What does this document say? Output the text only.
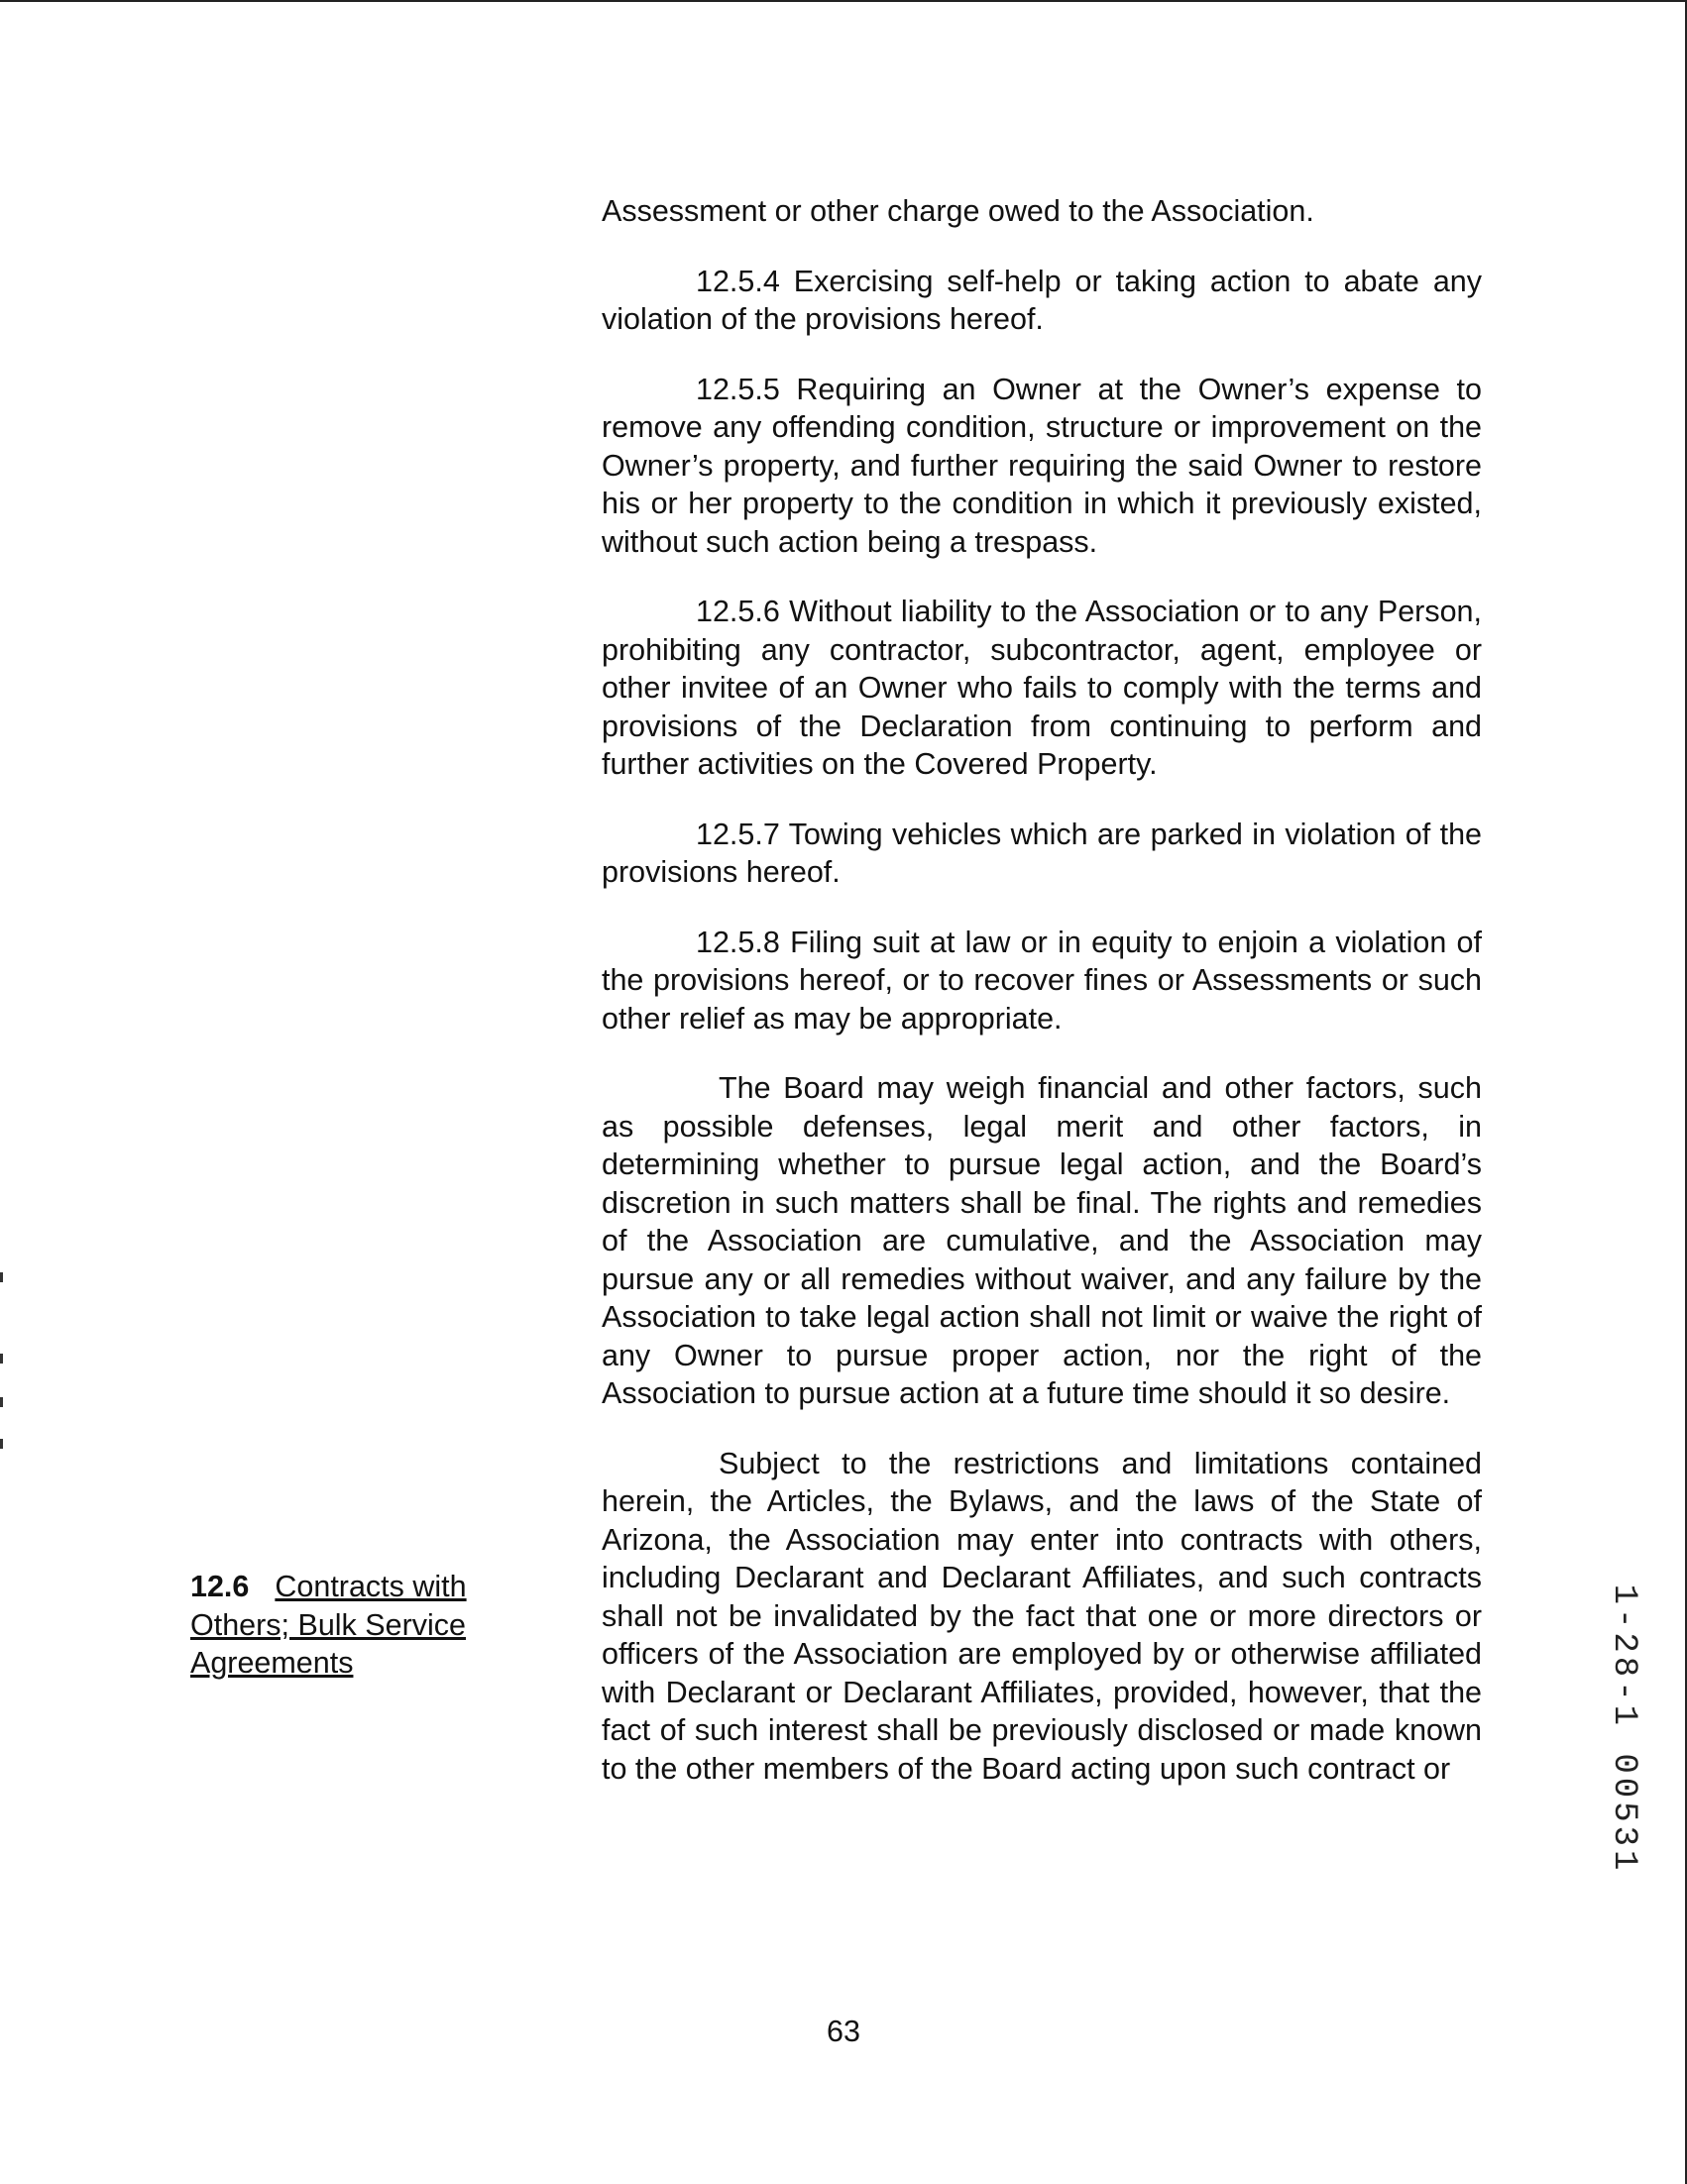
Assessment or other charge owed to the Association.

12.5.4 Exercising self-help or taking action to abate any violation of the provisions hereof.

12.5.5 Requiring an Owner at the Owner’s expense to remove any offending condition, structure or improvement on the Owner’s property, and further requiring the said Owner to restore his or her property to the condition in which it previously existed, without such action being a trespass.

12.5.6 Without liability to the Association or to any Person, prohibiting any contractor, subcontractor, agent, employee or other invitee of an Owner who fails to comply with the terms and provisions of the Declaration from continuing to perform and further activities on the Covered Property.

12.5.7 Towing vehicles which are parked in violation of the provisions hereof.

12.5.8 Filing suit at law or in equity to enjoin a violation of the provisions hereof, or to recover fines or Assessments or such other relief as may be appropriate.

The Board may weigh financial and other factors, such as possible defenses, legal merit and other factors, in determining whether to pursue legal action, and the Board’s discretion in such matters shall be final. The rights and remedies of the Association are cumulative, and the Association may pursue any or all remedies without waiver, and any failure by the Association to take legal action shall not limit or waive the right of any Owner to pursue proper action, nor the right of the Association to pursue action at a future time should it so desire.

Subject to the restrictions and limitations contained herein, the Articles, the Bylaws, and the laws of the State of Arizona, the Association may enter into contracts with others, including Declarant and Declarant Affiliates, and such contracts shall not be invalidated by the fact that one or more directors or officers of the Association are employed by or otherwise affiliated with Declarant or Declarant Affiliates, provided, however, that the fact of such interest shall be previously disclosed or made known to the other members of the Board acting upon such contract or

12.6 Contracts with Others; Bulk Service Agreements
63
1-28-1 00531
